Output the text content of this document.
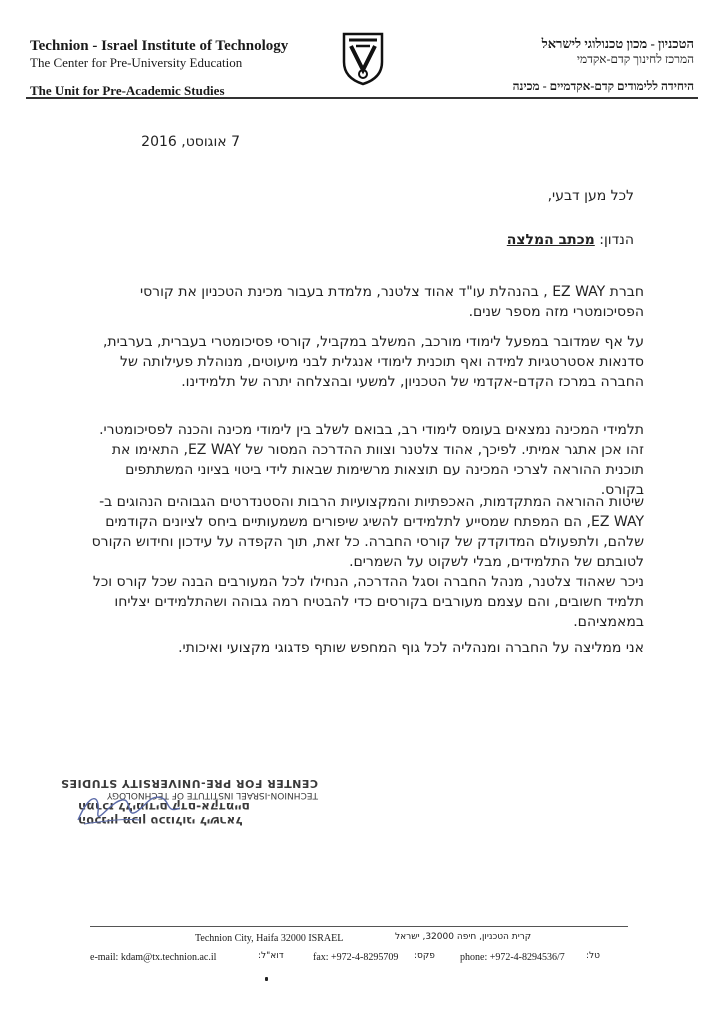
Technion - Israel Institute of Technology
The Center for Pre-University Education
The Unit for Pre-Academic Studies
הטכניון - מכון טכנולוגי לישראל
המרכז לחינוך קדם-אקדמי
היחידה ללימודים קדם-אקדמיים - מכינה
7 אוגוסט, 2016
לכל מען דבעי,
הנדון: מכתב המלצה
חברת EZ WAY , בהנהלת עו"ד אהוד צלטנר, מלמדת בעבור מכינת הטכניון את קורסי הפסיכומטרי מזה מספר שנים.
על אף שמדובר במפעל לימודי מורכב, המשלב במקביל, קורסי פסיכומטרי בעברית, בערבית, סדנאות אסטרטגיות למידה ואף תוכנית לימודי אנגלית לבני מיעוטים, מנוהלת פעילותה של החברה במרכז הקדם-אקדמי של הטכניון, למשעי ובהצלחה יתרה של תלמידינו.
תלמידי המכינה נמצאים בעומס לימודי רב, בבואם לשלב בין לימודי מכינה והכנה לפסיכומטרי. זהו אכן אתגר אמיתי. לפיכך, אהוד צלטנר וצוות ההדרכה המסור של EZ WAY, התאימו את תוכנית ההוראה לצרכי המכינה עם תוצאות מרשימות שבאות לידי ביטוי בציוני המשתתפים בקורס.
שיטות ההוראה המתקדמות, האכפתיות והמקצועיות הרבות והסטנדרטים הגבוהים הנהוגים ב-EZ WAY, הם המפתח שמסייע לתלמידים להשיג שיפורים משמעותיים ביחס לציונים הקודמים שלהם, ולתפעולם המדוקדק של קורסי החברה. כל זאת, תוך הקפדה על עידכון וחידוש הקורס לטובתם של התלמידים, מבלי לשקוט על השמרים.
ניכר שאהוד צלטנר, מנהל החברה וסגל ההדרכה, הנחילו לכל המעורבים הבנה שכל קורס וכל תלמיד חשובים, והם עצמם מעורבים בקורסים כדי להבטיח רמה גבוהה ושהתלמידים יצליחו במאמציהם.
אני ממליצה על החברה ומנהליה לכל גוף המחפש שותף פדגוגי מקצועי ואיכותי.
הטכניון מכון טכנולוגי לישראל
המרכז ללימודים קדם-אקדמיים
TECHNION-ISRAEL INSTITUTE OF TECHNOLOGY
CENTER FOR PRE-UNIVERSITY STUDIES
Technion City, Haifa 32000 ISRAEL	קרית הטכניון, חיפה 32000, ישראל
e-mail: kdam@tx.technion.ac.il	דוא"ל:	fax: +972-4-8295709 פקס:	phone: +972-4-8294536/7 טל:
